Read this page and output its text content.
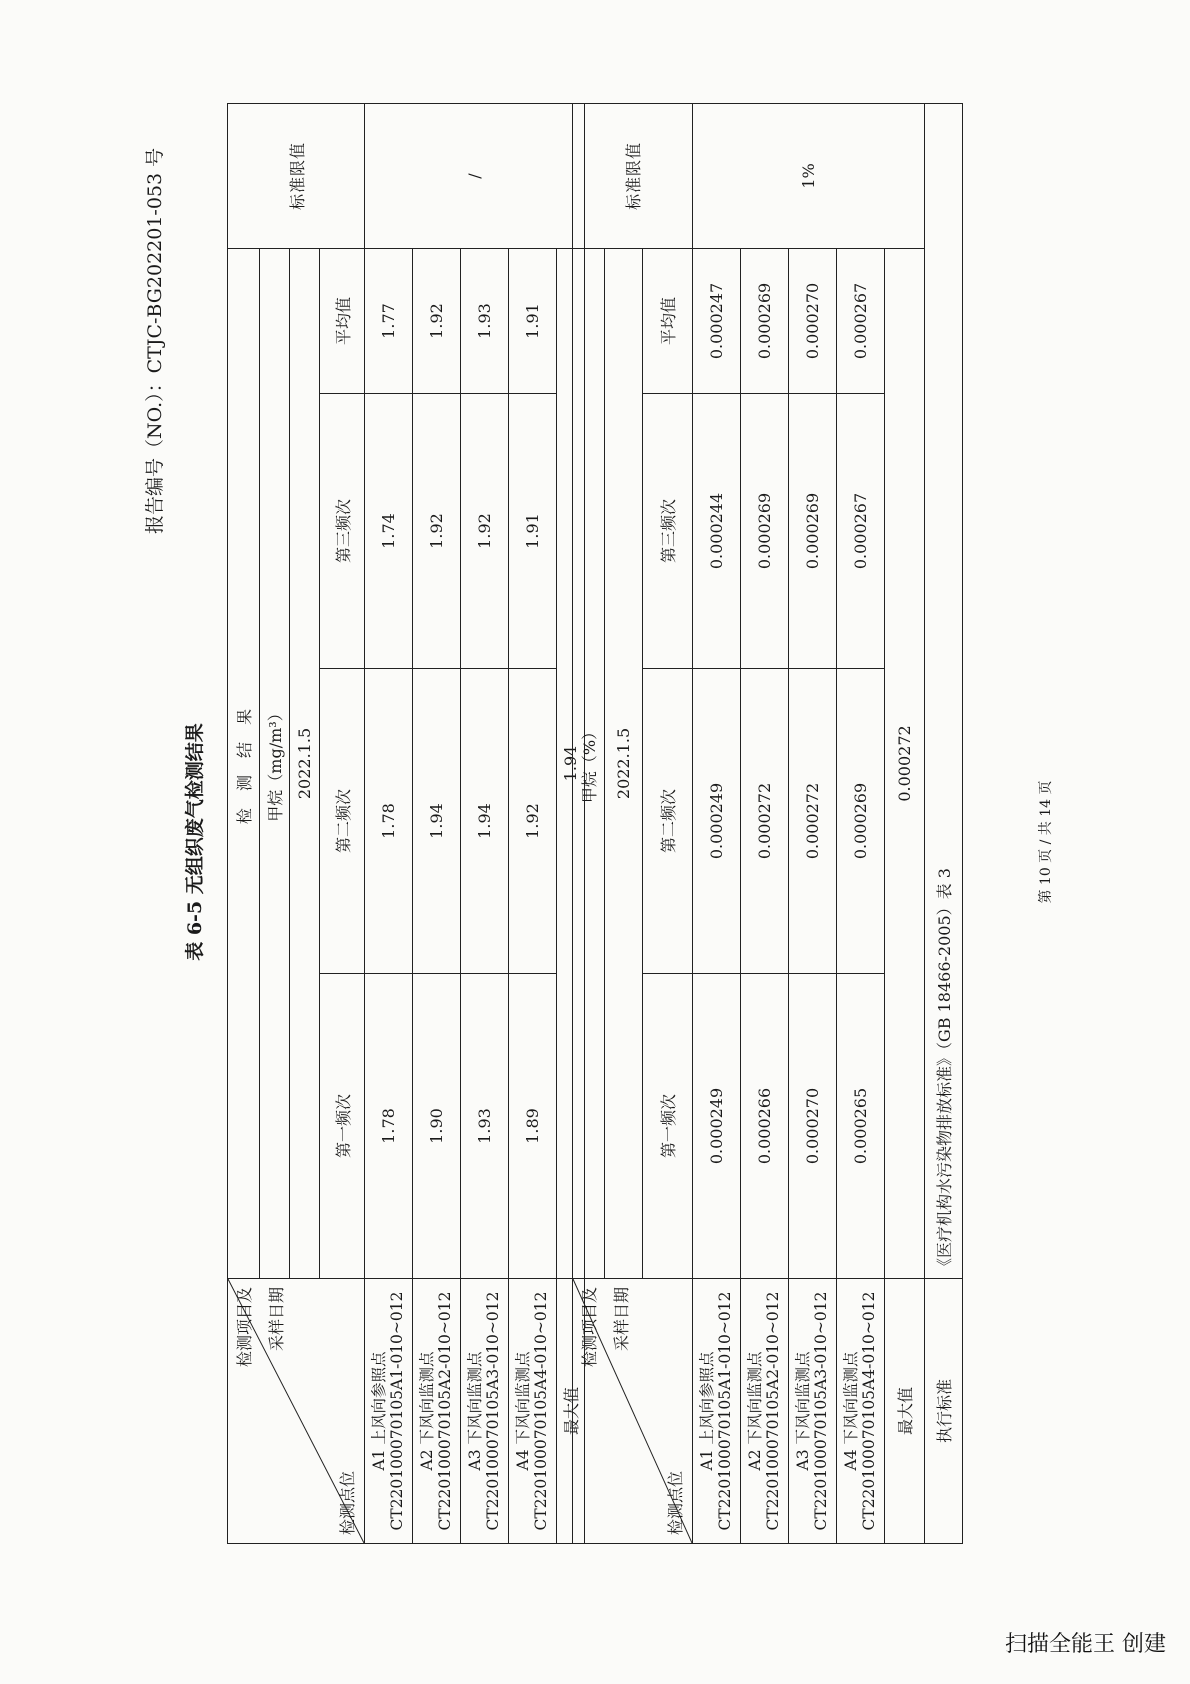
报告编号（NO.）：CTJC-BG202201-053 号
表 6-5 无组织废气检测结果
检测点位
检测项目及 采样日期	检 测 结 果				标准限值
	甲烷（mg/m³）				
	2022.1.5				
	第一频次	第二频次	第三频次	平均值	

A1 上风向参照点 CT220100070105A1-010~012	1.78	1.78	1.74	1.77	/

A2 下风向监测点 CT220100070105A2-010~012	1.90	1.94	1.92	1.92	

A3 下风向监测点 CT220100070105A3-010~012	1.93	1.94	1.92	1.93	

A4 下风向监测点 CT220100070105A4-010~012	1.89	1.92	1.91	1.91	
最大值	1.94				
检测点位
检测项目及 采样日期	甲烷（%）				标准限值
	2022.1.5				
	第一频次	第二频次	第三频次	平均值	

A1 上风向参照点 CT220100070105A1-010~012	0.000249	0.000249	0.000244	0.000247	1%

A2 下风向监测点 CT220100070105A2-010~012	0.000266	0.000272	0.000269	0.000269	

A3 下风向监测点 CT220100070105A3-010~012	0.000270	0.000272	0.000269	0.000270	

A4 下风向监测点 CT220100070105A4-010~012	0.000265	0.000269	0.000267	0.000267	
最大值	0.000272				
执行标准	《医疗机构水污染物排放标准》（GB 18466-2005）表 3				
第 10 页 / 共 14 页
扫描全能王 创建
